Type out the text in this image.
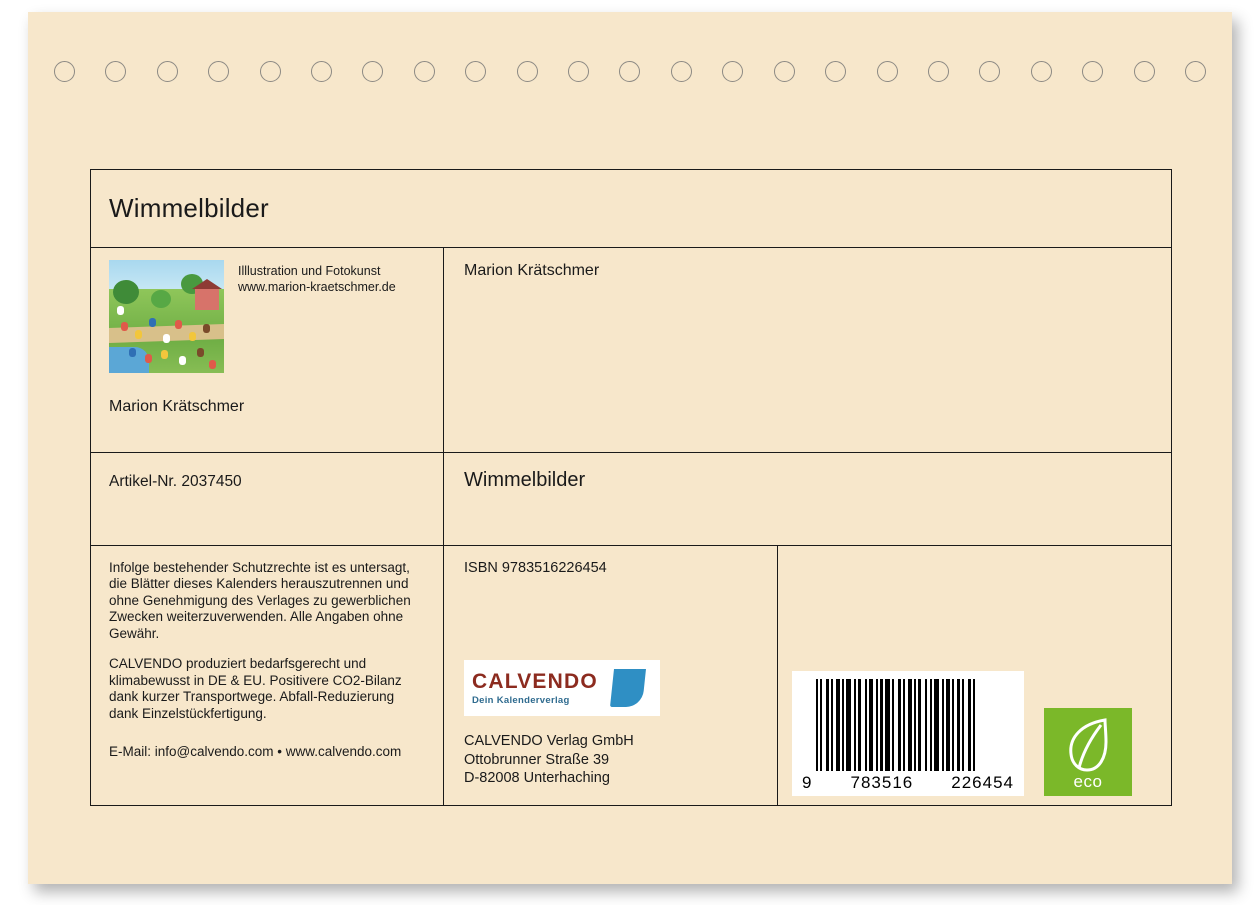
Wimmelbilder
Illlustration und Fotokunst
www.marion-kraetschmer.de
Marion Krätschmer
Marion Krätschmer
Artikel-Nr. 2037450	Wimmelbilder

Infolge bestehender Schutzrechte ist es untersagt, die Blätter dieses Kalenders herauszutrennen und ohne Genehmigung des Verlages zu gewerblichen Zwecken weiterzuverwenden. Alle Angaben ohne Gewähr.

CALVENDO produziert bedarfsgerecht und klimabewusst in DE & EU. Positivere CO2-Bilanz dank kurzer Transportwege. Abfall-Reduzierung dank Einzelstückfertigung.

E-Mail: info@calvendo.com • www.calvendo.com

ISBN 9783516226454
CALVENDO
Dein Kalenderverlag
CALVENDO Verlag GmbH
Ottobrunner Straße 39
D-82008 Unterhaching	9 783516 226454	eco
